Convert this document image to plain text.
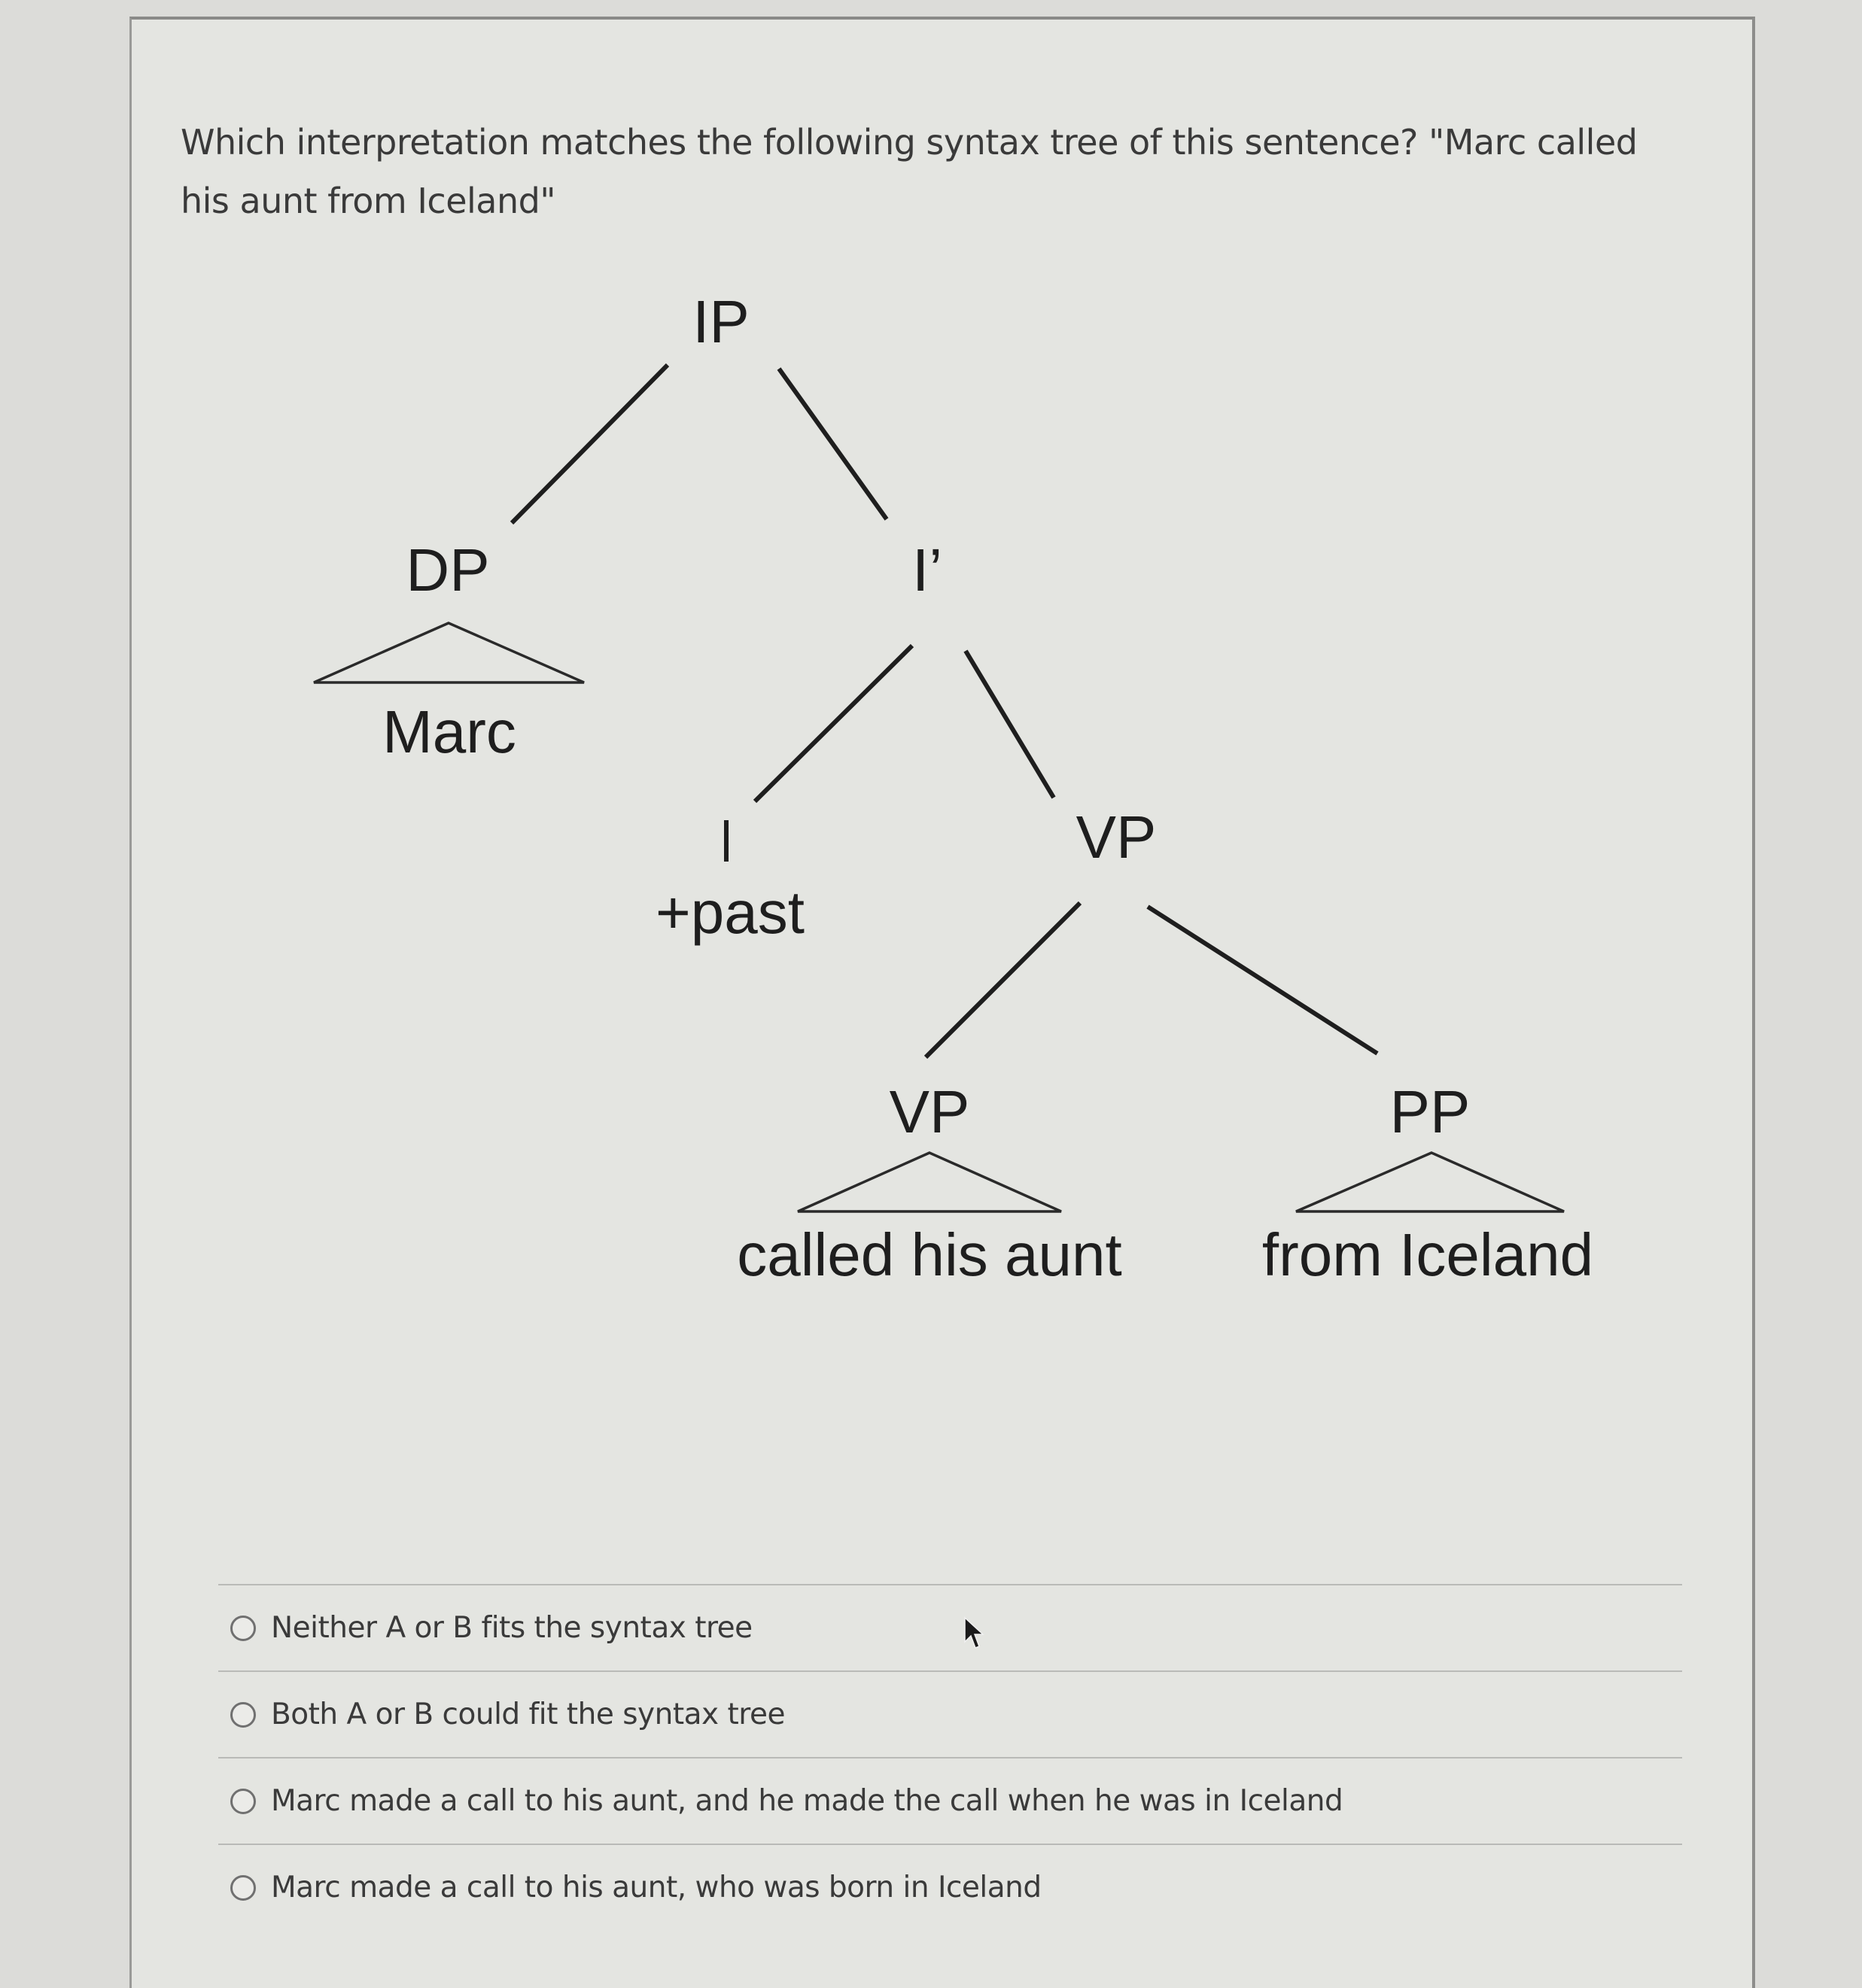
Which interpretation matches the following syntax tree of this sentence? "Marc called his aunt from Iceland"
IP
DP
Marc
I’
I
+past
VP
VP
called his aunt
PP
from Iceland
Neither A or B fits the syntax tree
Both A or B could fit the syntax tree
Marc made a call to his aunt, and he made the call when he was in Iceland
Marc made a call to his aunt, who was born in Iceland
